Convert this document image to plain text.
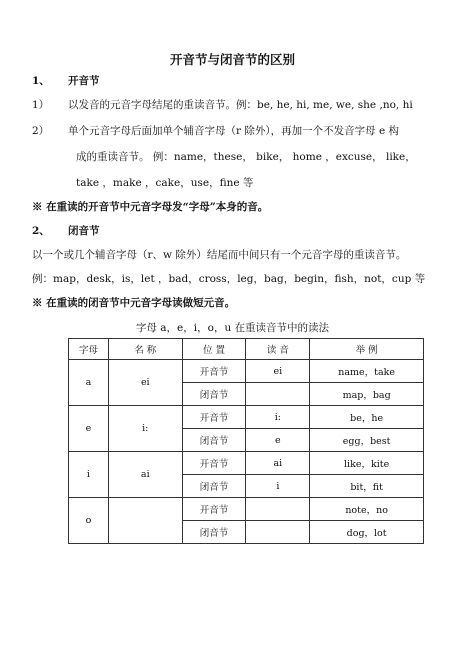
开音节与闭音节的区别
1、 开音节
1） 以发音的元音字母结尾的重读音节。例：be, he, hi, me, we, she ,no, hi
2） 单个元音字母后面加单个辅音字母（r 除外），再加一个不发音字母 e 构
成的重读音节。 例：name，these， bike， home ，excuse， like，
take ，make ，cake，use，fine 等
※ 在重读的开音节中元音字母发“字母”本身的音。
2、 闭音节
以一个或几个辅音字母（r、w 除外）结尾而中间只有一个元音字母的重读音节。
例：map，desk，is，let ，bad，cross，leg，bag，begin，fish，not，cup 等
※ 在重读的闭音节中元音字母读做短元音。
字母 a，e，i，o，u 在重读音节中的读法
字母	名 称	位 置	读 音	举 例
a	ei	开音节	ei	name，take
		闭音节		map，bag
e	i:	开音节	i:	be，he
		闭音节	e	egg，best
i	ai	开音节	ai	like，kite
		闭音节	i	bit，fit
o		开音节		note，no
		闭音节		dog，lot
